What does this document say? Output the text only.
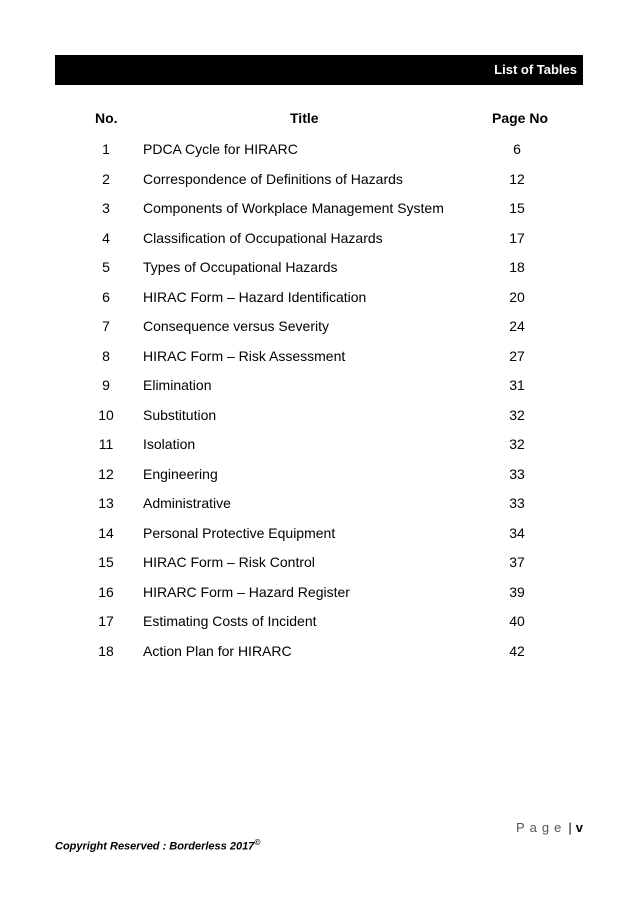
List of Tables
No.	Title	Page No
1	PDCA Cycle for HIRARC	6
2	Correspondence of Definitions of Hazards	12
3	Components of Workplace Management System	15
4	Classification of Occupational Hazards	17
5	Types of Occupational Hazards	18
6	HIRAC Form – Hazard Identification	20
7	Consequence versus Severity	24
8	HIRAC Form – Risk Assessment	27
9	Elimination	31
10	Substitution	32
11	Isolation	32
12	Engineering	33
13	Administrative	33
14	Personal Protective Equipment	34
15	HIRAC Form – Risk Control	37
16	HIRARC Form – Hazard Register	39
17	Estimating Costs of Incident	40
18	Action Plan for HIRARC	42
Page | v
Copyright Reserved : Borderless 2017©
